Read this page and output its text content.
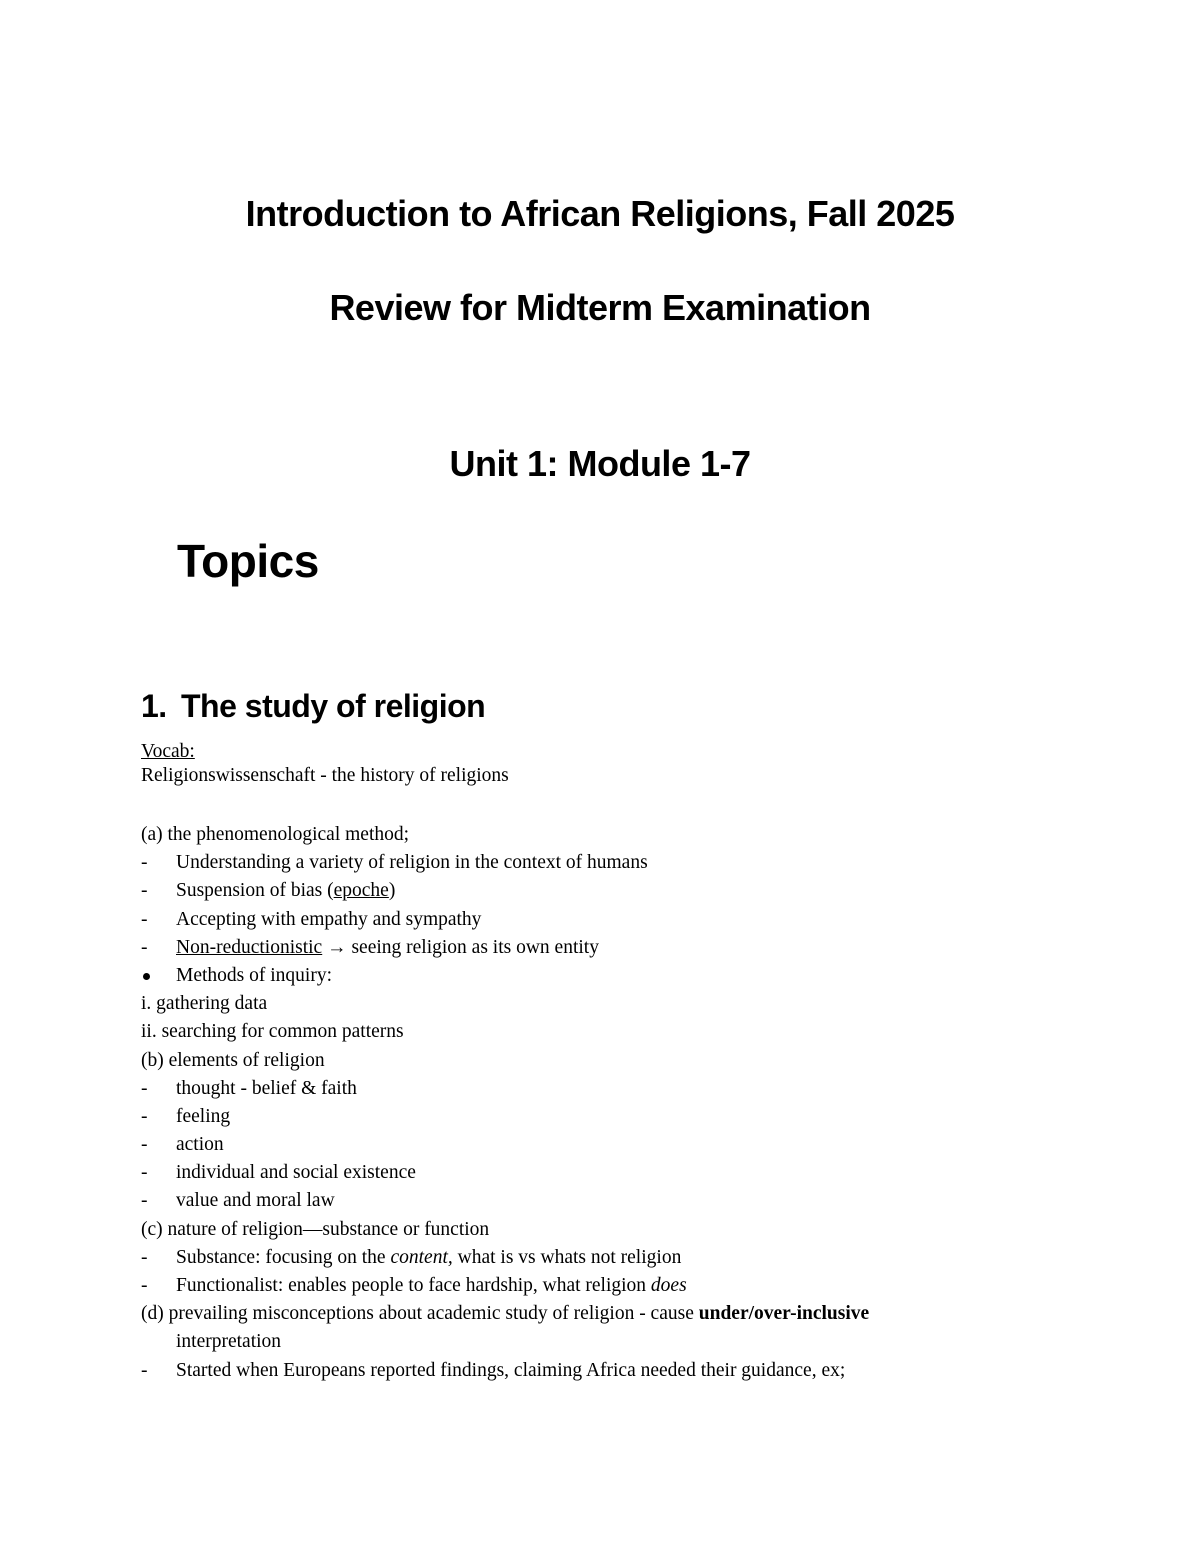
Introduction to African Religions, Fall 2025
Review for Midterm Examination
Unit 1: Module 1-7
Topics
1. The study of religion
Vocab:
Religionswissenschaft - the history of religions
(a) the phenomenological method;
- Understanding a variety of religion in the context of humans
- Suspension of bias (epoche)
- Accepting with empathy and sympathy
- Non-reductionistic → seeing religion as its own entity
Methods of inquiry:
i. gathering data
ii. searching for common patterns
(b) elements of religion
- thought - belief & faith
- feeling
- action
- individual and social existence
- value and moral law
(c) nature of religion—substance or function
- Substance: focusing on the content, what is vs whats not religion
- Functionalist: enables people to face hardship, what religion does
(d) prevailing misconceptions about academic study of religion - cause under/over-inclusive
interpretation
- Started when Europeans reported findings, claiming Africa needed their guidance, ex;
